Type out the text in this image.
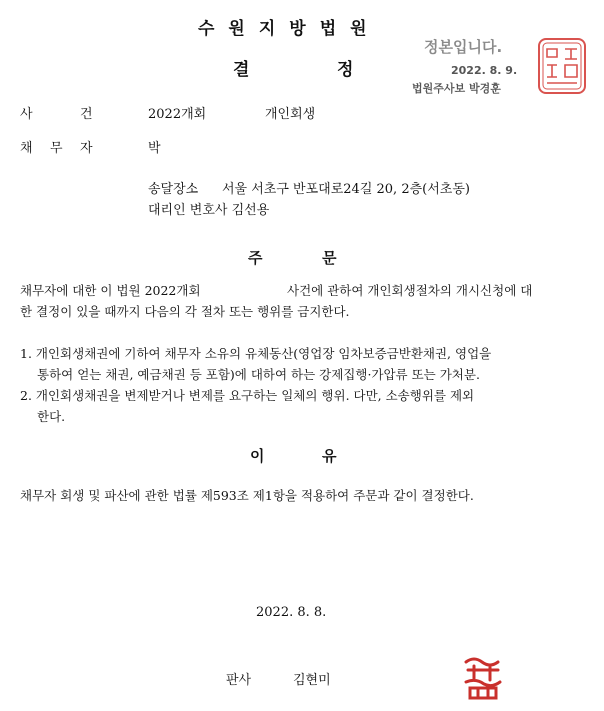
수원지방법원
결	정
정본입니다.
2022. 8. 9.
법원주사보 박경훈
사	건	2022개회	개인회생
채 무 자	박
송달장소 서울 서초구 반포대로24길 20, 2층(서초동)
대리인 변호사 김선용
주	문
채무자에 대한 이 법원 2022개회	사건에 관하여 개인회생절차의 개시신청에 대
한 결정이 있을 때까지 다음의 각 절차 또는 행위를 금지한다.
1. 개인회생채권에 기하여 채무자 소유의 유체동산(영업장 임차보증금반환채권, 영업을
통하여 얻는 채권, 예금채권 등 포함)에 대하여 하는 강제집행·가압류 또는 가처분.
2. 개인회생채권을 변제받거나 변제를 요구하는 일체의 행위. 다만, 소송행위를 제외
한다.
이	유
채무자 회생 및 파산에 관한 법률 제593조 제1항을 적용하여 주문과 같이 결정한다.
2022. 8. 8.
판사	김현미
